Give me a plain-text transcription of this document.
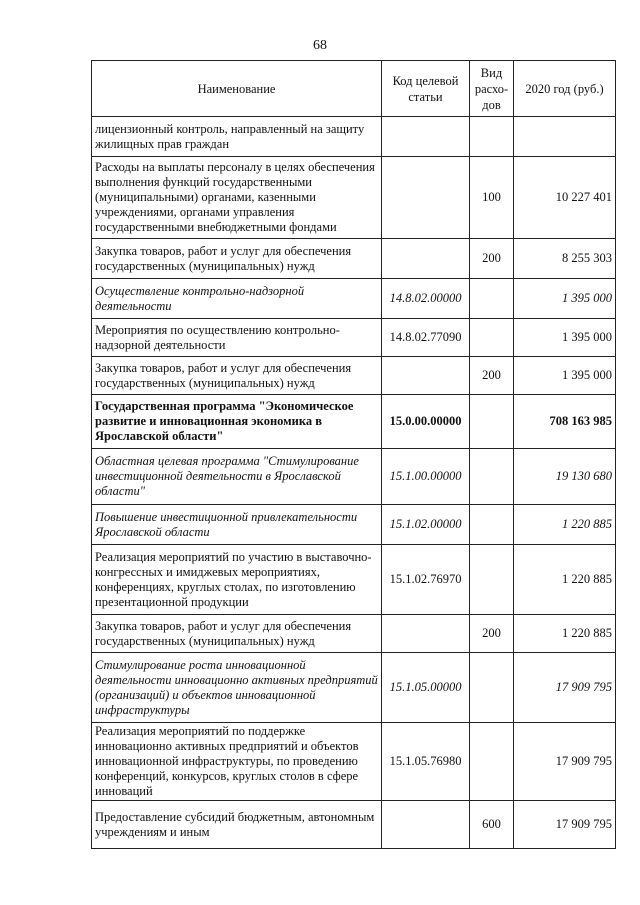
68
Наименование	Код целевой статьи	Вид расхо-дов	2020 год (руб.)
лицензионный контроль, направленный на защиту жилищных прав граждан			
Расходы на выплаты персоналу в целях обеспечения выполнения функций государственными (муниципальными) органами, казенными учреждениями, органами управления государственными внебюджетными фондами		100	10 227 401
Закупка товаров, работ и услуг для обеспечения государственных (муниципальных) нужд		200	8 255 303
Осуществление контрольно-надзорной деятельности	14.8.02.00000		1 395 000
Мероприятия по осуществлению контрольно-надзорной деятельности	14.8.02.77090		1 395 000
Закупка товаров, работ и услуг для обеспечения государственных (муниципальных) нужд		200	1 395 000
Государственная программа "Экономическое развитие и инновационная экономика в Ярославской области"	15.0.00.00000		708 163 985
Областная целевая программа "Стимулирование инвестиционной деятельности в Ярославской области"	15.1.00.00000		19 130 680
Повышение инвестиционной привлекательности Ярославской области	15.1.02.00000		1 220 885
Реализация мероприятий по участию в выставочно-конгрессных и имиджевых мероприятиях, конференциях, круглых столах, по изготовлению презентационной продукции	15.1.02.76970		1 220 885
Закупка товаров, работ и услуг для обеспечения государственных (муниципальных) нужд		200	1 220 885
Стимулирование роста инновационной деятельности инновационно активных предприятий (организаций) и объектов инновационной инфраструктуры	15.1.05.00000		17 909 795
Реализация мероприятий по поддержке инновационно активных предприятий и объектов инновационной инфраструктуры, по проведению конференций, конкурсов, круглых столов в сфере инноваций	15.1.05.76980		17 909 795
Предоставление субсидий бюджетным, автономным учреждениям и иным		600	17 909 795
